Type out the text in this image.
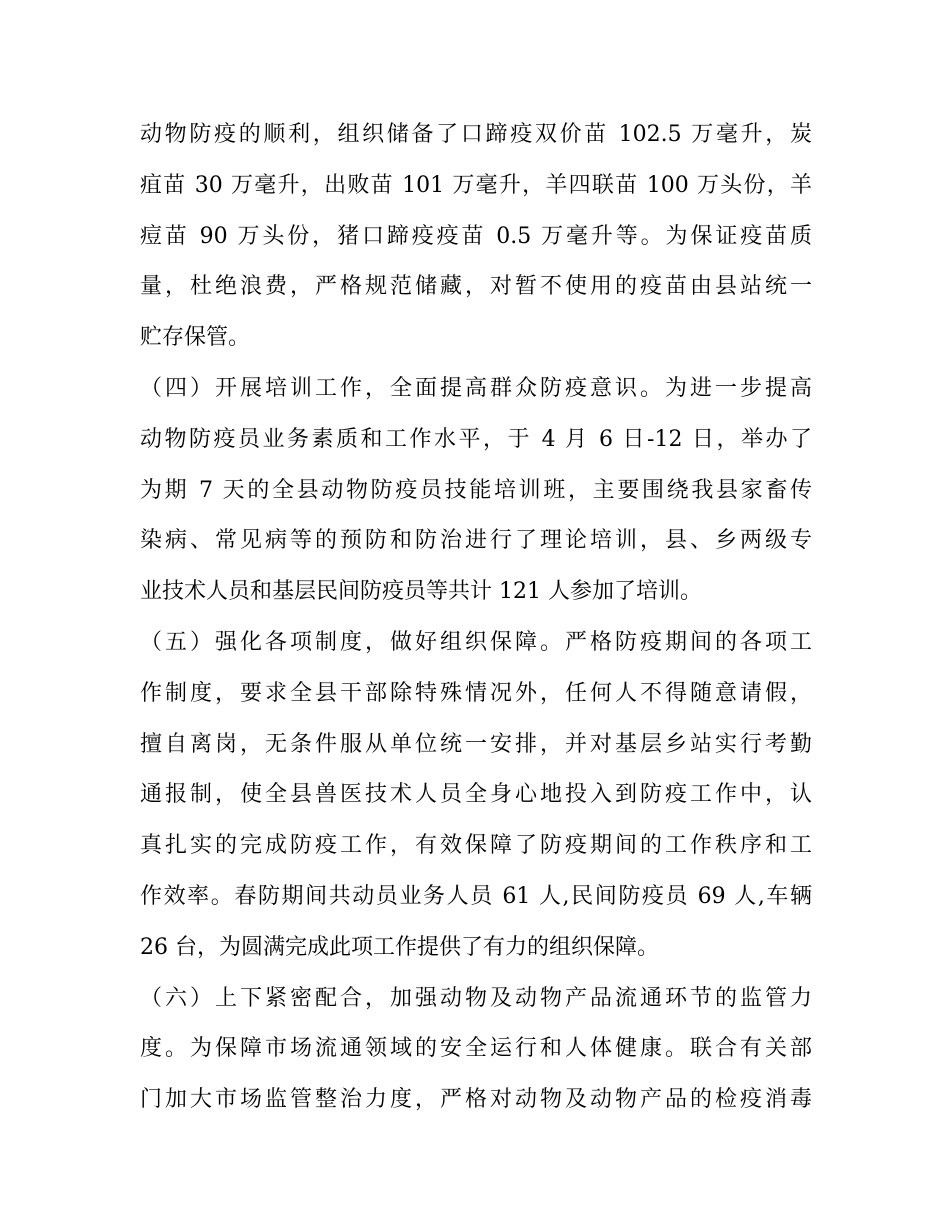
动物防疫的顺利，组织储备了口蹄疫双价苗 102.5 万毫升，炭
疽苗 30 万毫升，出败苗 101 万毫升，羊四联苗 100 万头份，羊
痘苗 90 万头份，猪口蹄疫疫苗 0.5 万毫升等。为保证疫苗质
量，杜绝浪费，严格规范储藏，对暂不使用的疫苗由县站统一
贮存保管。
（四）开展培训工作，全面提高群众防疫意识。为进一步提高
动物防疫员业务素质和工作水平，于 4 月 6 日-12 日，举办了
为期 7 天的全县动物防疫员技能培训班，主要围绕我县家畜传
染病、常见病等的预防和防治进行了理论培训，县、乡两级专
业技术人员和基层民间防疫员等共计 121 人参加了培训。
（五）强化各项制度，做好组织保障。严格防疫期间的各项工
作制度，要求全县干部除特殊情况外，任何人不得随意请假，
擅自离岗，无条件服从单位统一安排，并对基层乡站实行考勤
通报制，使全县兽医技术人员全身心地投入到防疫工作中，认
真扎实的完成防疫工作，有效保障了防疫期间的工作秩序和工
作效率。春防期间共动员业务人员 61 人,民间防疫员 69 人,车辆
26 台，为圆满完成此项工作提供了有力的组织保障。
（六）上下紧密配合，加强动物及动物产品流通环节的监管力
度。为保障市场流通领域的安全运行和人体健康。联合有关部
门加大市场监管整治力度，严格对动物及动物产品的检疫消毒
